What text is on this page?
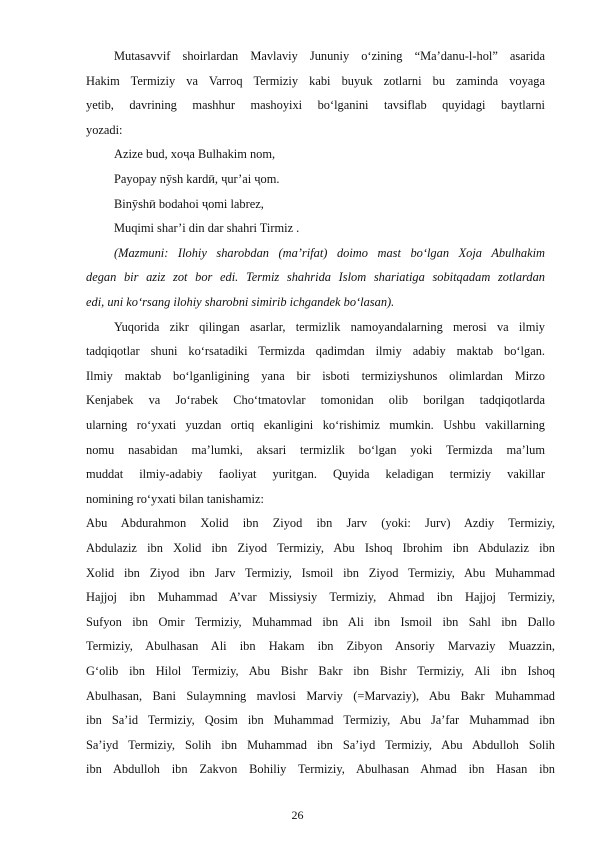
Mutasavvif shoirlardan Mavlaviy Jununiy o‘zining “Ma’danu-l-hol” asarida
Hakim Termiziy va Varroq Termiziy kabi buyuk zotlarni bu zaminda voyaga
yetib, davrining mashhur mashoyixi bo‘lganini tavsiflab quyidagi baytlarni
yozadi:
Azize bud, xoҷa Bulhakim nom,
Payopay nӯsh kardӣ, ҷur’ai ҷom.
Binӯshӣ bodahoi ҷomi labrez,
Muqimi shar’i din dar shahri Tirmiz .
(Mazmuni: Ilohiy sharobdan (ma’rifat) doimo mast bo‘lgan Xoja Abulhakim
degan bir aziz zot bor edi. Termiz shahrida Islom shariatiga sobitqadam zotlardan
edi, uni ko‘rsang ilohiy sharobni simirib ichgandek bo‘lasan).
Yuqorida zikr qilingan asarlar, termizlik namoyandalarning merosi va ilmiy
tadqiqotlar shuni ko‘rsatadiki Termizda qadimdan ilmiy adabiy maktab bo‘lgan.
Ilmiy maktab bo‘lganligining yana bir isboti termiziyshunos olimlardan Mirzo
Kenjabek va Jo‘rabek Cho‘tmatovlar tomonidan olib borilgan tadqiqotlarda
ularning ro‘yxati yuzdan ortiq ekanligini ko‘rishimiz mumkin. Ushbu vakillarning
nomu nasabidan ma’lumki, aksari termizlik bo‘lgan yoki Termizda ma’lum
muddat ilmiy-adabiy faoliyat yuritgan. Quyida keladigan termiziy vakillar
nomining ro‘yxati bilan tanishamiz:
Abu Abdurahmon Xolid ibn Ziyod ibn Jarv (yoki: Jurv) Azdiy Termiziy,
Abdulaziz ibn Xolid ibn Ziyod Termiziy, Abu Ishoq Ibrohim ibn Abdulaziz ibn
Xolid ibn Ziyod ibn Jarv Termiziy, Ismoil ibn Ziyod Termiziy, Abu Muhammad
Hajjoj ibn Muhammad A’var Missiysiy Termiziy, Ahmad ibn Hajjoj Termiziy,
Sufyon ibn Omir Termiziy, Muhammad ibn Ali ibn Ismoil ibn Sahl ibn Dallo
Termiziy, Abulhasan Ali ibn Hakam ibn Zibyon Ansoriy Marvaziy Muazzin,
G‘olib ibn Hilol Termiziy, Abu Bishr Bakr ibn Bishr Termiziy, Ali ibn Ishoq
Abulhasan, Bani Sulaymning mavlosi Marviy (=Marvaziy), Abu Bakr Muhammad
ibn Sa’id Termiziy, Qosim ibn Muhammad Termiziy, Abu Ja’far Muhammad ibn
Sa’iyd Termiziy, Solih ibn Muhammad ibn Sa’iyd Termiziy, Abu Abdulloh Solih
ibn Abdulloh ibn Zakvon Bohiliy Termiziy, Abulhasan Ahmad ibn Hasan ibn
26
